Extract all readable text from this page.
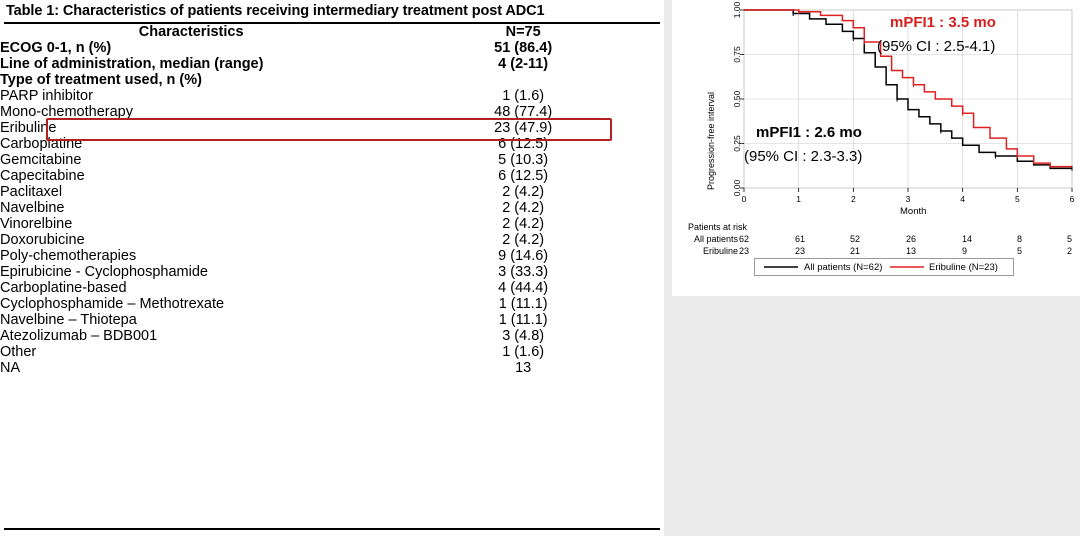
Table 1: Characteristics of patients receiving intermediary treatment post ADC1
Characteristics	N=75
ECOG 0-1, n (%)	51 (86.4)
Line of administration, median (range)	4 (2-11)
Type of treatment used, n (%)	
PARP inhibitor	1 (1.6)
Mono-chemotherapy	48 (77.4)
Eribuline	23 (47.9)
Carboplatine	6 (12.5)
Gemcitabine	5 (10.3)
Capecitabine	6 (12.5)
Paclitaxel	2 (4.2)
Navelbine	2 (4.2)
Vinorelbine	2 (4.2)
Doxorubicine	2 (4.2)
Poly-chemotherapies	9 (14.6)
Epirubicine - Cyclophosphamide	3 (33.3)
Carboplatine-based	4 (44.4)
Cyclophosphamide – Methotrexate	1 (11.1)
Navelbine – Thiotepa	1 (11.1)
Atezolizumab – BDB001	3 (4.8)
Other	1 (1.6)
NA	13
Progression-free interval
0	1	2	3	4	5	6
0.00
0.25
0.50
0.75
1.00
mPFI1 : 3.5 mo
(95% CI : 2.5-4.1)
mPFI1 : 2.6 mo
(95% CI : 2.3-3.3)
Month
Patients at risk
All patients 62	61	52	26	14	8	5
Eribuline 23	23	21	13	9	5	2
All patients (N=62)	Eribuline (N=23)
